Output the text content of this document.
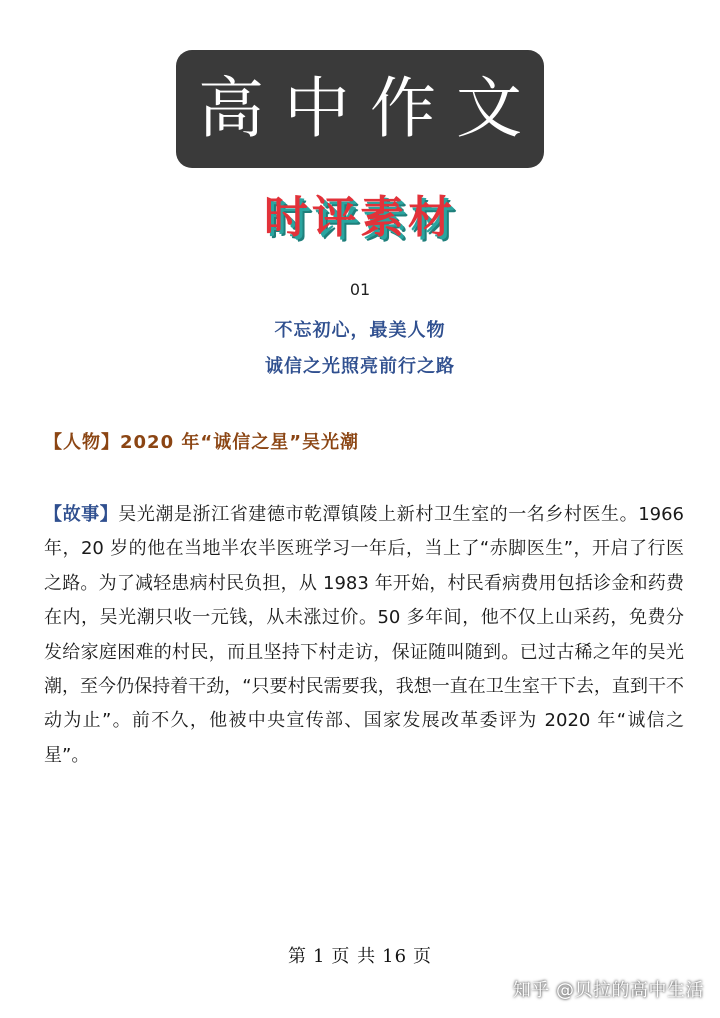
高中作文
时评素材
01
不忘初心，最美人物
诚信之光照亮前行之路
【人物】2020 年“诚信之星”吴光潮
【故事】吴光潮是浙江省建德市乾潭镇陵上新村卫生室的一名乡村医生。1966 年，20 岁的他在当地半农半医班学习一年后，当上了“赤脚医生”，开启了行医之路。为了减轻患病村民负担，从 1983 年开始，村民看病费用包括诊金和药费在内，吴光潮只收一元钱，从未涨过价。50 多年间，他不仅上山采药，免费分发给家庭困难的村民，而且坚持下村走访，保证随叫随到。已过古稀之年的吴光潮，至今仍保持着干劲，“只要村民需要我，我想一直在卫生室干下去，直到干不动为止”。前不久，他被中央宣传部、国家发展改革委评为 2020 年“诚信之星”。
第 1 页 共 16 页
知乎 @贝拉的高中生活
